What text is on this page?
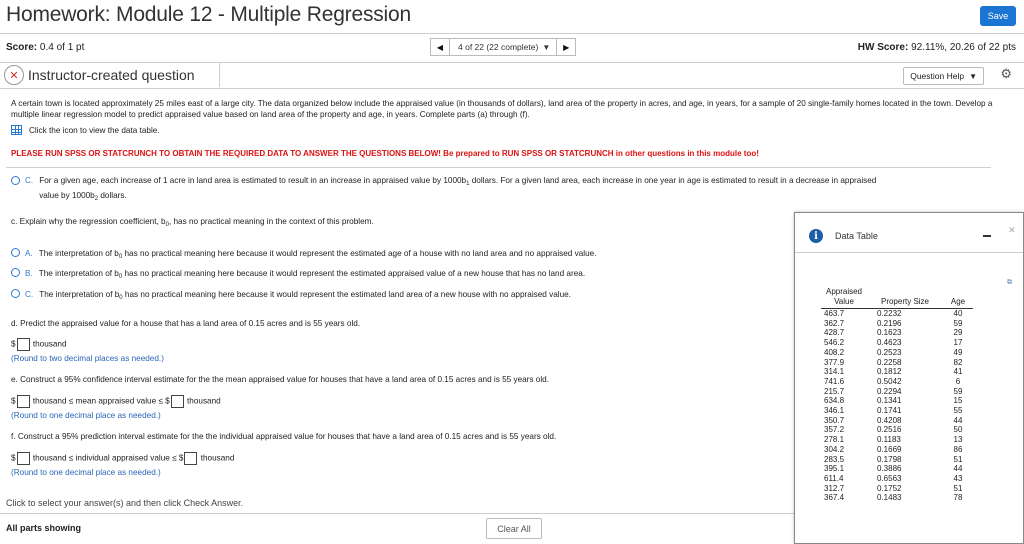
Homework: Module 12 - Multiple Regression	Save
Score: 0.4 of 1 pt	◀ 4 of 22 (22 complete) ▼ ▶	HW Score: 92.11%, 20.26 of 22 pts
✕ Instructor-created question	Question Help ▼ ⚙
A certain town is located approximately 25 miles east of a large city. The data organized below include the appraised value (in thousands of dollars), land area of the property in acres, and age, in years, for a sample of 20 single-family homes located in the town. Develop a multiple linear regression model to predict appraised value based on land area of the property and age, in years. Complete parts (a) through (f).
Click the icon to view the data table.
PLEASE RUN SPSS OR STATCRUNCH TO OBTAIN THE REQUIRED DATA TO ANSWER THE QUESTIONS BELOW! Be prepared to RUN SPSS OR STATCRUNCH in other questions in this module too!
C. For a given age, each increase of 1 acre in land area is estimated to result in an increase in appraised value by $1000b_1$ dollars. For a given land area, each increase in one year in age is estimated to result in a decrease in appraised
value by $1000b_2$ dollars.
c. Explain why the regression coefficient, $b_0$, has no practical meaning in the context of this problem.
A. The interpretation of $b_0$ has no practical meaning here because it would represent the estimated age of a house with no land area and no appraised value.
B. The interpretation of $b_0$ has no practical meaning here because it would represent the estimated appraised value of a new house that has no land area.
C. The interpretation of $b_0$ has no practical meaning here because it would represent the estimated land area of a new house with no appraised value.
d. Predict the appraised value for a house that has a land area of 0.15 acres and is 55 years old.
$ thousand
(Round to two decimal places as needed.)
e. Construct a 95% confidence interval estimate for the the mean appraised value for houses that have a land area of 0.15 acres and is 55 years old.
$ thousand ≤ mean appraised value ≤ $ thousand
(Round to one decimal place as needed.)
f. Construct a 95% prediction interval estimate for the the individual appraised value for houses that have a land area of 0.15 acres and is 55 years old.
$ thousand ≤ individual appraised value ≤ $ thousand
(Round to one decimal place as needed.)
Click to select your answer(s) and then click Check Answer.
All parts showing	Clear All
i	Data Table
✕
⧉
Appraised Value	Property Size	Age
463.7	0.2232	40
362.7	0.2196	59
428.7	0.1623	29
546.2	0.4623	17
408.2	0.2523	49
377.9	0.2258	82
314.1	0.1812	41
741.6	0.5042	6
215.7	0.2294	59
634.8	0.1341	15
346.1	0.1741	55
350.7	0.4208	44
357.2	0.2516	50
278.1	0.1183	13
304.2	0.1669	86
283.5	0.1798	51
395.1	0.3886	44
611.4	0.6563	43
312.7	0.1752	51
367.4	0.1483	78
